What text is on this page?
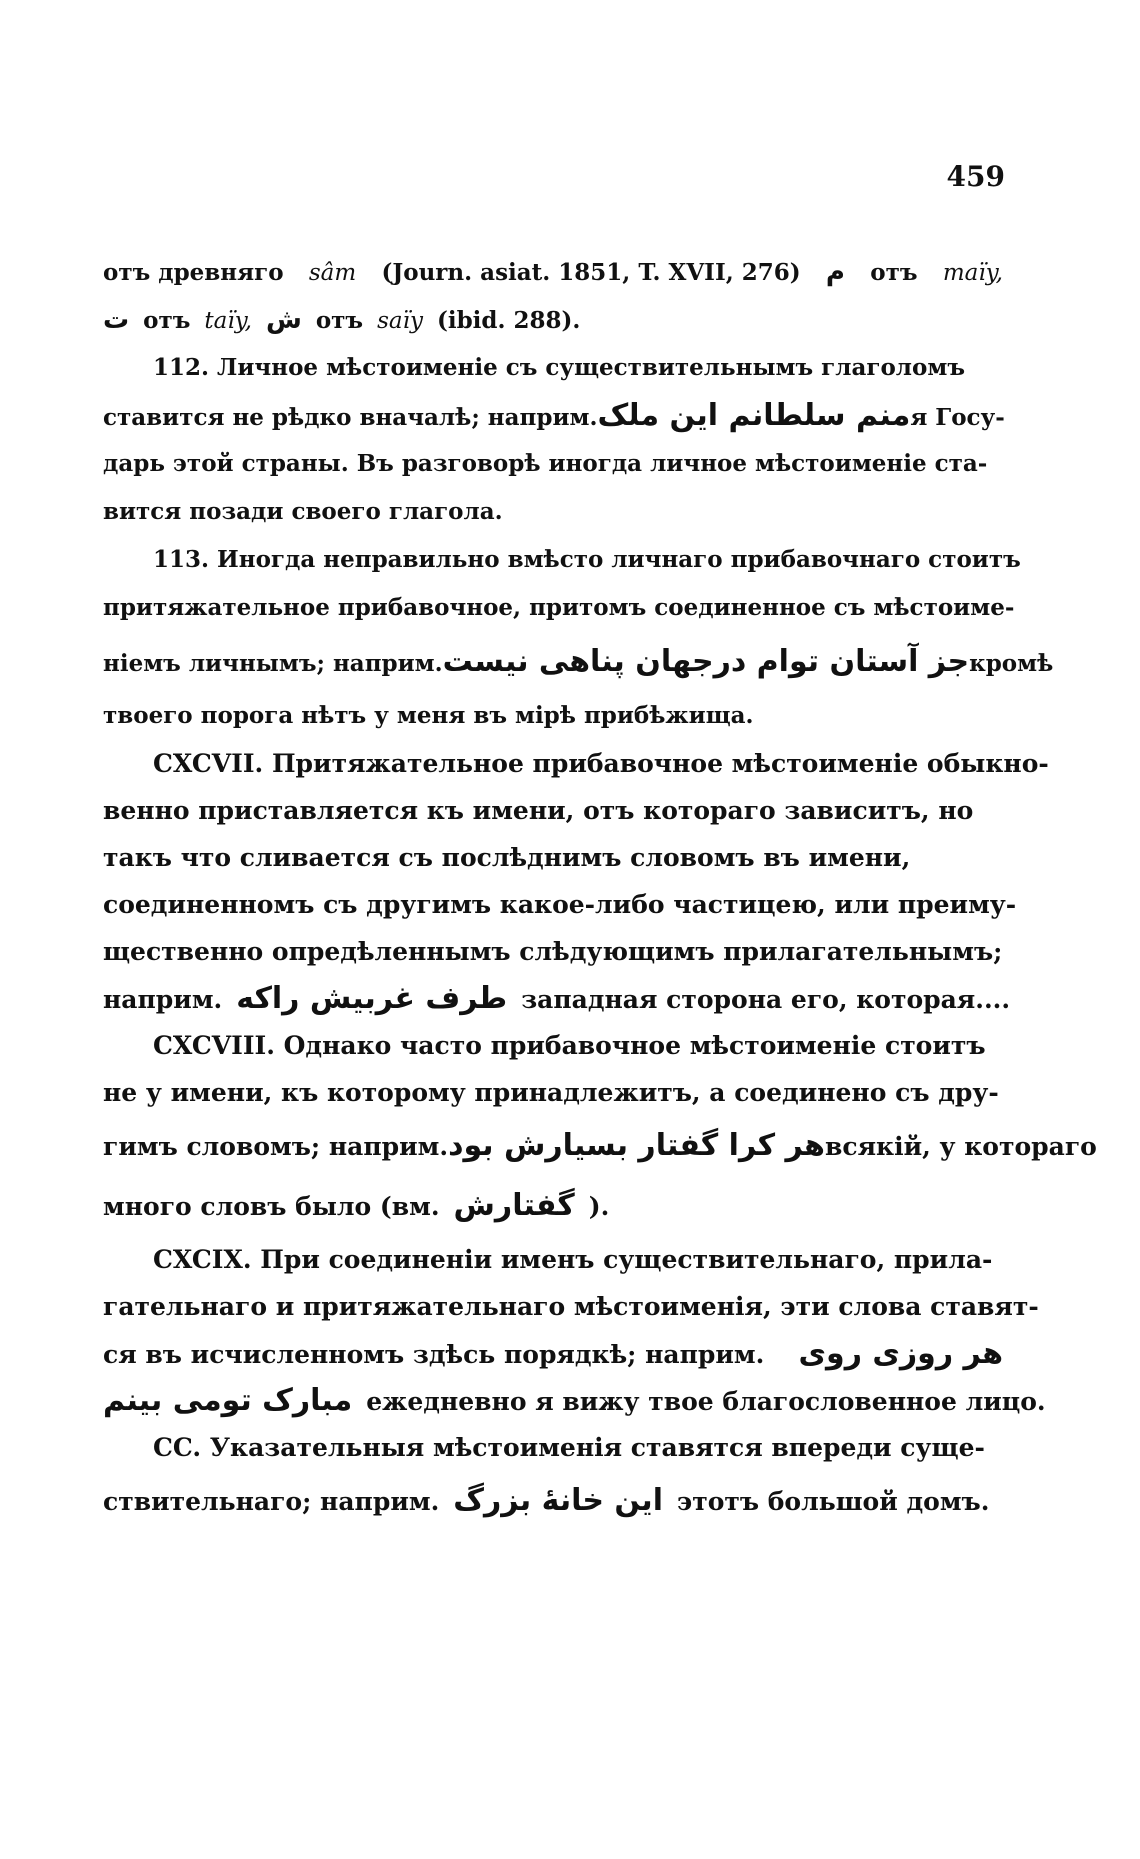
459
отъ древняго sâm (Journ. asiat. 1851, T. XVII, 276) ﻡ отъ maïy,
ﺕ отъ taïy, ﺵ отъ saïy (ibid. 288).
112. Личное мѣстоименіе съ существительнымъ глаголомъ
ставится не рѣдко вначалѣ; наприм. منم سلطانم این ملک я Госу-
дарь этой страны. Въ разговорѣ иногда личное мѣстоименіе ста-
вится позади своего глагола.
113. Иногда неправильно вмѣсто личнаго прибавочнаго стоитъ
притяжательное прибавочное, притомъ соединенное съ мѣстоиме-
ніемъ личнымъ; наприм. جز آستان توام درجهان پناهی نیست кромѣ
твоего порога нѣтъ у меня въ мірѣ прибѣжища.
CXCVII. Притяжательное прибавочное мѣстоименіе обыкно-
венно приставляется къ имени, отъ котораго зависитъ, но
такъ что сливается съ послѣднимъ словомъ въ имени,
соединенномъ съ другимъ какое-либо частицею, или преиму-
щественно опредѣленнымъ слѣдующимъ прилагательнымъ;
наприм. طرف غربیش راکه западная сторона его, которая....
CXCVIII. Однако часто прибавочное мѣстоименіе стоитъ
не у имени, къ которому принадлежитъ, а соединено съ дру-
гимъ словомъ; наприм. هر کرا گفتار بسیارش بود всякій, у котораго
много словъ было (вм. گفتارش ).
CXCIX. При соединеніи именъ существительнаго, прила-
гательнаго и притяжательнаго мѣстоименія, эти слова ставят-
ся въ исчисленномъ здѣсь порядкѣ; наприм. هر روزی روی
مبارک تومی بینم ежедневно я вижу твое благословенное лицо.
CC. Указательныя мѣстоименія ставятся впереди суще-
ствительнаго; наприм. این خانهٔ بزرگ этотъ большой домъ.
